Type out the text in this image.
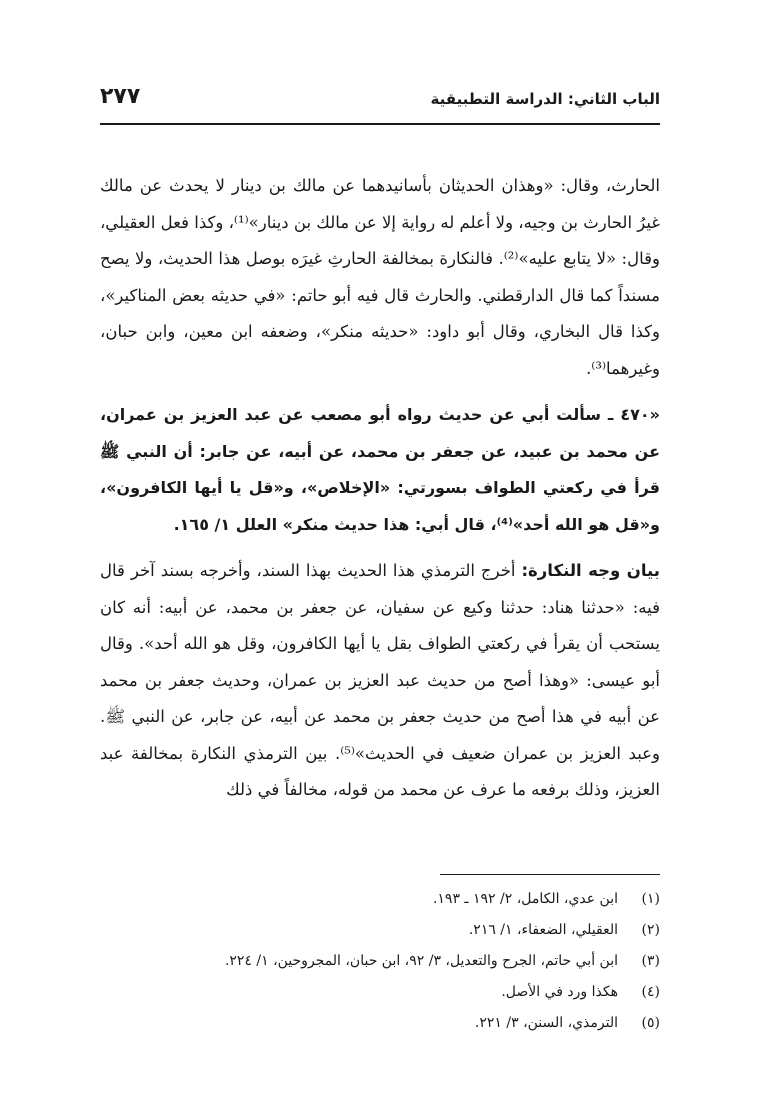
الباب الثاني: الدراسة التطبيقية
٢٧٧

الحارث، وقال: «وهذان الحديثان بأسانيدهما عن مالك بن دينار لا يحدث عن مالك غيرُ الحارث بن وجيه، ولا أعلم له رواية إلا عن مالك بن دينار»⁽¹⁾، وكذا فعل العقيلي، وقال: «لا يتابع عليه»⁽²⁾. فالنكارة بمخالفة الحارثِ غيرَه بوصل هذا الحديث، ولا يصح مسنداً كما قال الدارقطني. والحارث قال فيه أبو حاتم: «في حديثه بعض المناكير»، وكذا قال البخاري، وقال أبو داود: «حديثه منكر»، وضعفه ابن معين، وابن حبان، وغيرهما⁽³⁾.

«٤٧٠ ـ سألت أبي عن حديث رواه أبو مصعب عن عبد العزيز بن عمران، عن محمد بن عبيد، عن جعفر بن محمد، عن أبيه، عن جابر: أن النبي ﷺ قرأ في ركعتي الطواف بسورتي: «الإخلاص»، و«قل يا أيها الكافرون»، و«قل هو الله أحد»⁽⁴⁾، قال أبي: هذا حديث منكر» العلل ١/ ١٦٥.

بيان وجه النكارة: أخرج الترمذي هذا الحديث بهذا السند، وأخرجه بسند آخر قال فيه: «حدثنا هناد: حدثنا وكيع عن سفيان، عن جعفر بن محمد، عن أبيه: أنه كان يستحب أن يقرأ في ركعتي الطواف بقل يا أيها الكافرون، وقل هو الله أحد». وقال أبو عيسى: «وهذا أصح من حديث عبد العزيز بن عمران، وحديث جعفر بن محمد عن أبيه في هذا أصح من حديث جعفر بن محمد عن أبيه، عن جابر، عن النبي ﷺ. وعبد العزيز بن عمران ضعيف في الحديث»⁽⁵⁾. بين الترمذي النكارة بمخالفة عبد العزيز، وذلك برفعه ما عرف عن محمد من قوله، مخالفاً في ذلك

(١)ابن عدي، الكامل، ٢/ ١٩٢ ـ ١٩٣.
(٢)العقيلي، الضعفاء، ١/ ٢١٦.
(٣)ابن أبي حاتم، الجرح والتعديل، ٣/ ٩٢، ابن حبان، المجروحين، ١/ ٢٢٤.
(٤)هكذا ورد في الأصل.
(٥)الترمذي، السنن، ٣/ ٢٢١.
